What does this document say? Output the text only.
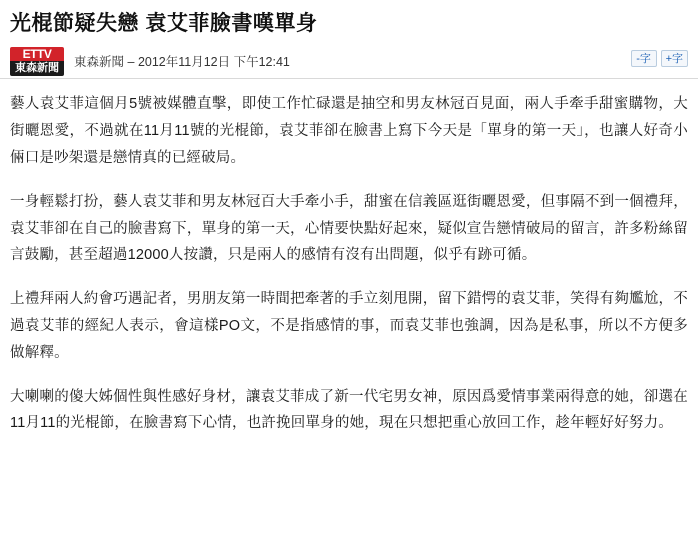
光棍節疑失戀 袁艾菲臉書嘆單身
ETTV
東森新聞	東森新聞 – 2012年11月12日 下午12:41	-字	+字

藝人袁艾菲這個月5號被媒體直擊，即使工作忙碌還是抽空和男友林冠百見面，兩人手牽手甜蜜購物，大街曬恩愛，不過就在11月11號的光棍節，袁艾菲卻在臉書上寫下今天是「單身的第一天」，也讓人好奇小倆口是吵架還是戀情真的已經破局。

一身輕鬆打扮，藝人袁艾菲和男友林冠百大手牽小手，甜蜜在信義區逛街曬恩愛，但事隔不到一個禮拜，袁艾菲卻在自己的臉書寫下，單身的第一天，心情要快點好起來，疑似宣告戀情破局的留言，許多粉絲留言鼓勵，甚至超過12000人按讚，只是兩人的感情有沒有出問題，似乎有跡可循。

上禮拜兩人約會巧遇記者，男朋友第一時間把牽著的手立刻甩開，留下錯愕的袁艾菲，笑得有夠尷尬，不過袁艾菲的經紀人表示，會這樣PO文，不是指感情的事，而袁艾菲也強調，因為是私事，所以不方便多做解釋。

大喇喇的傻大姊個性與性感好身材，讓袁艾菲成了新一代宅男女神，原因爲愛情事業兩得意的她，卻選在11月11的光棍節，在臉書寫下心情，也許挽回單身的她，現在只想把重心放回工作，趁年輕好好努力。
